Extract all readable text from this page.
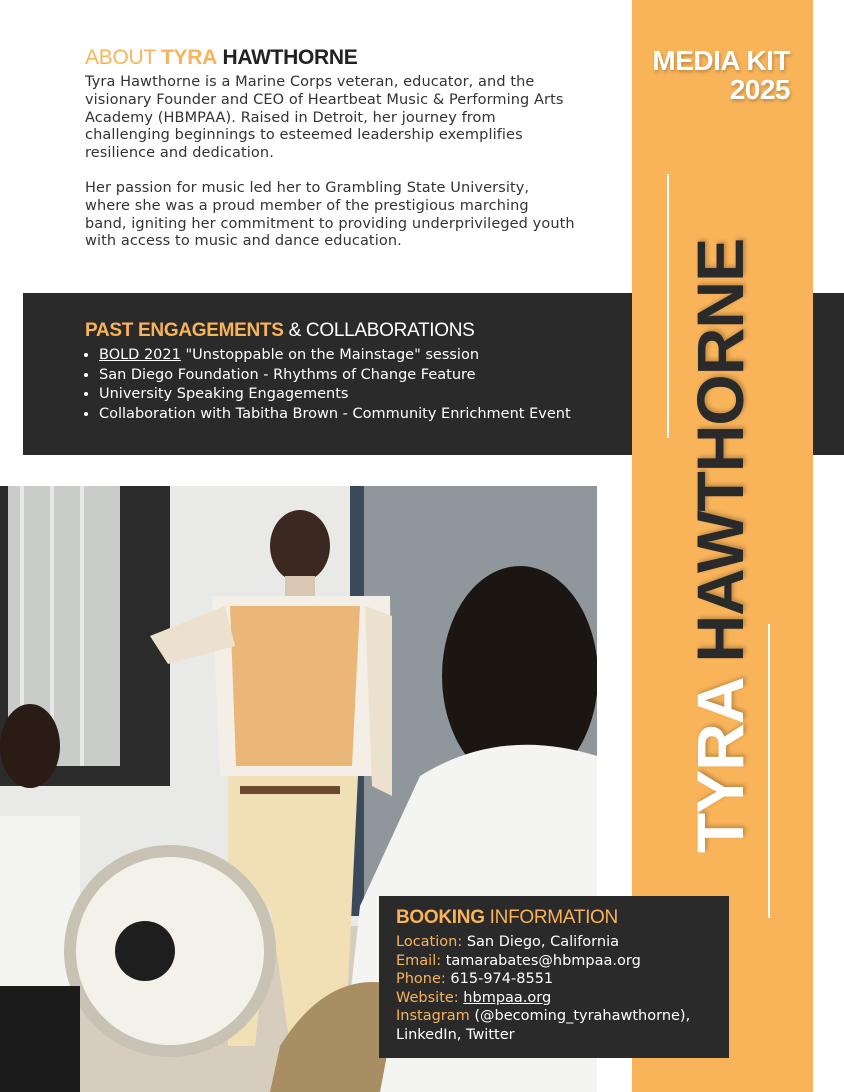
MEDIA KIT
2025
TYRA HAWTHORNE
ABOUT TYRA HAWTHORNE

Tyra Hawthorne is a Marine Corps veteran, educator, and the visionary Founder and CEO of Heartbeat Music & Performing Arts Academy (HBMPAA). Raised in Detroit, her journey from challenging beginnings to esteemed leadership exemplifies resilience and dedication.

Her passion for music led her to Grambling State University, where she was a proud member of the prestigious marching band, igniting her commitment to providing underprivileged youth with access to music and dance education.

PAST ENGAGEMENTS & COLLABORATIONS
• BOLD 2021 "Unstoppable on the Mainstage" session
• San Diego Foundation - Rhythms of Change Feature
• University Speaking Engagements
• Collaboration with Tabitha Brown - Community Enrichment Event
BOOKING INFORMATION
Location: San Diego, California
Email: tamarabates@hbmpaa.org
Phone: 615-974-8551
Website: hbmpaa.org
Instagram (@becoming_tyrahawthorne),
LinkedIn, Twitter
